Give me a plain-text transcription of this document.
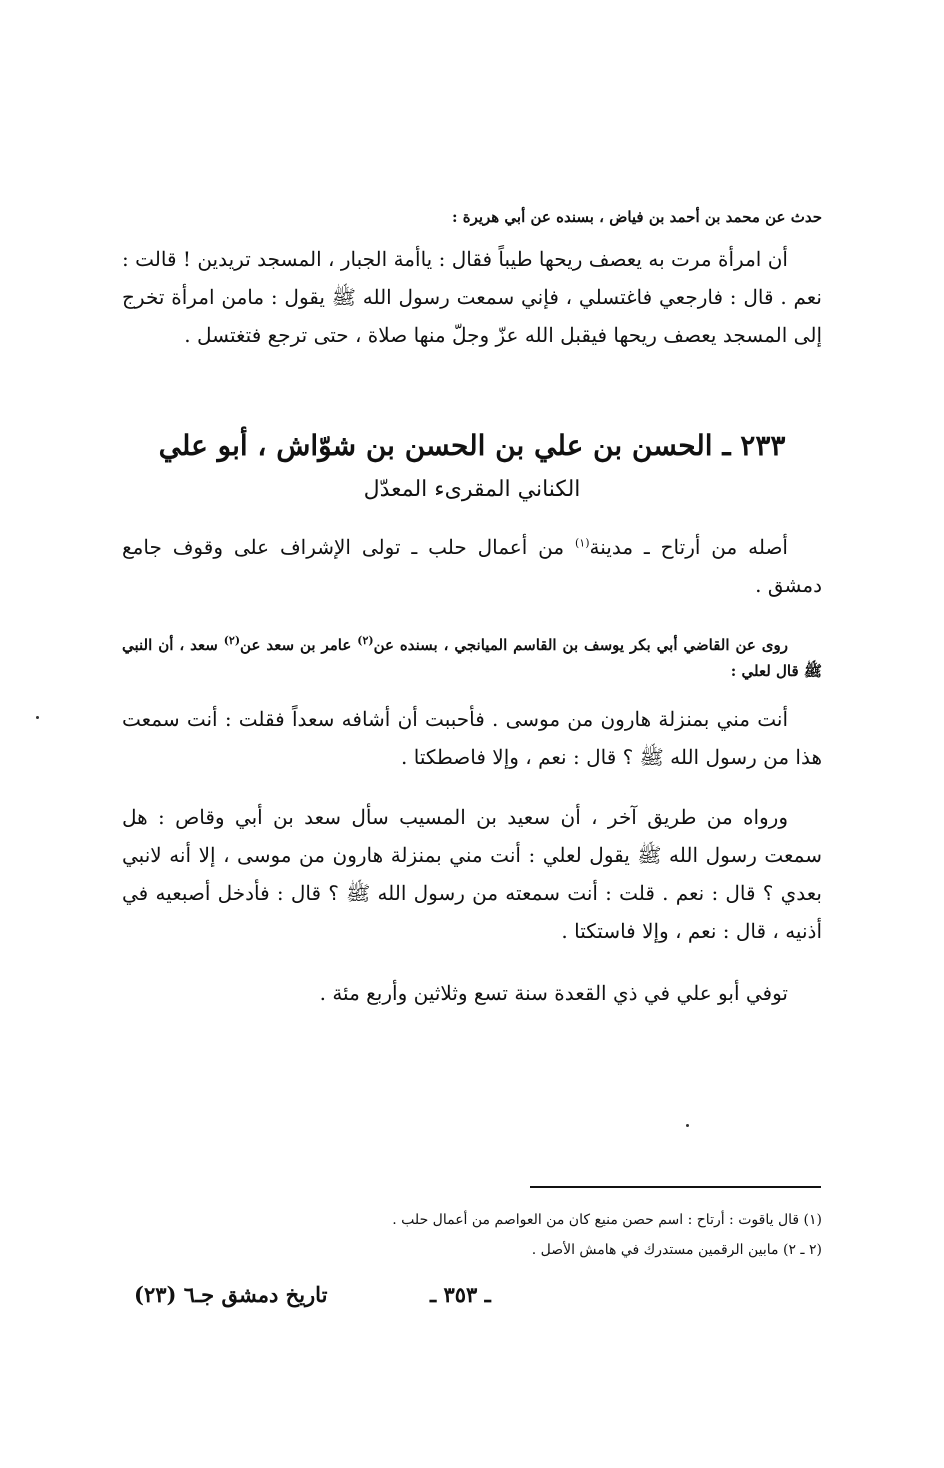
حدث عن محمد بن أحمد بن فياض ، بسنده عن أبي هريرة :
أن امرأة مرت به يعصف ريحها طيباً فقال : ياأمة الجبار ، المسجد تريدين ! قالت : نعم . قال : فارجعي فاغتسلي ، فإني سمعت رسول الله ﷺ يقول : مامن امرأة تخرج إلى المسجد يعصف ريحها فيقبل الله عزّ وجلّ منها صلاة ، حتى ترجع فتغتسل .
٢٣٣ ـ الحسن بن علي بن الحسن بن شوّاش ، أبو علي
الكناني المقرىء المعدّل
أصله من أرتاح ـ مدينة$^{(١)}$ من أعمال حلب ـ تولى الإشراف على وقوف جامع دمشق .
روى عن القاضي أبي بكر يوسف بن القاسم الميانجي ، بسنده عن$^{(٢)}$ عامر بن سعد عن$^{(٢)}$ سعد ، أن النبي ﷺ قال لعلي :
أنت مني بمنزلة هارون من موسى . فأحببت أن أشافه سعداً فقلت : أنت سمعت هذا من رسول الله ﷺ ؟ قال : نعم ، وإلا فاصطكتا .
ورواه من طريق آخر ، أن سعيد بن المسيب سأل سعد بن أبي وقاص : هل سمعت رسول الله ﷺ يقول لعلي : أنت مني بمنزلة هارون من موسى ، إلا أنه لانبي بعدي ؟ قال : نعم . قلت : أنت سمعته من رسول الله ﷺ ؟ قال : فأدخل أصبعيه في أذنيه ، قال : نعم ، وإلا فاستكتا .
توفي أبو علي في ذي القعدة سنة تسع وثلاثين وأربع مئة .
(١) قال ياقوت : أرتاح : اسم حصن منيع كان من العواصم من أعمال حلب .
(٢ ـ ٢) مابين الرقمين مستدرك في هامش الأصل .
تاريخ دمشق جـ٦ (٢٣)	ـ ٣٥٣ ـ
